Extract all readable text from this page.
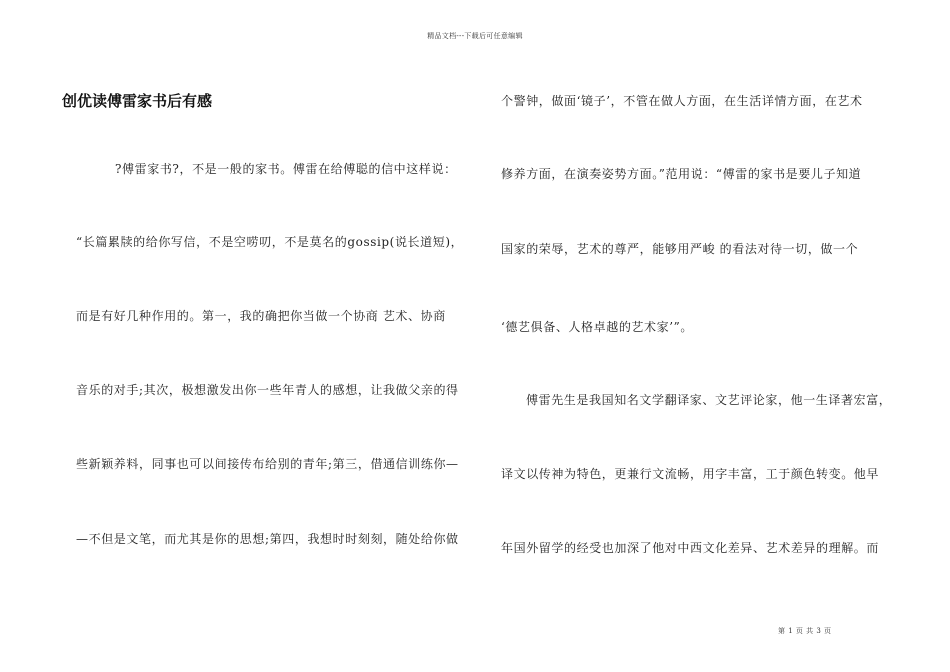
精品文档---下载后可任意编辑
创优读傅雷家书后有感
?傅雷家书?，不是一般的家书。傅雷在给傅聪的信中这样说：
“长篇累牍的给你写信，不是空唠叨，不是莫名的gossip(说长道短)，
而是有好几种作用的。第一，我的确把你当做一个协商 艺术、协商
音乐的对手;其次，极想激发出你一些年青人的感想，让我做父亲的得
些新颖养料，同事也可以间接传布给别的青年;第三，借通信训练你—
—不但是文笔，而尤其是你的思想;第四，我想时时刻刻，随处给你做
个警钟，做面‘镜子’，不管在做人方面，在生活详情方面，在艺术
修养方面，在演奏姿势方面。”范用说：“傅雷的家书是要儿子知道
国家的荣辱，艺术的尊严，能够用严峻 的看法对待一切，做一个
‘德艺俱备、人格卓越的艺术家’”。
傅雷先生是我国知名文学翻译家、文艺评论家，他一生译著宏富，
译文以传神为特色，更兼行文流畅，用字丰富，工于颜色转变。他早
年国外留学的经受也加深了他对中西文化差异、艺术差异的理解。而
第 1 页 共 3 页
